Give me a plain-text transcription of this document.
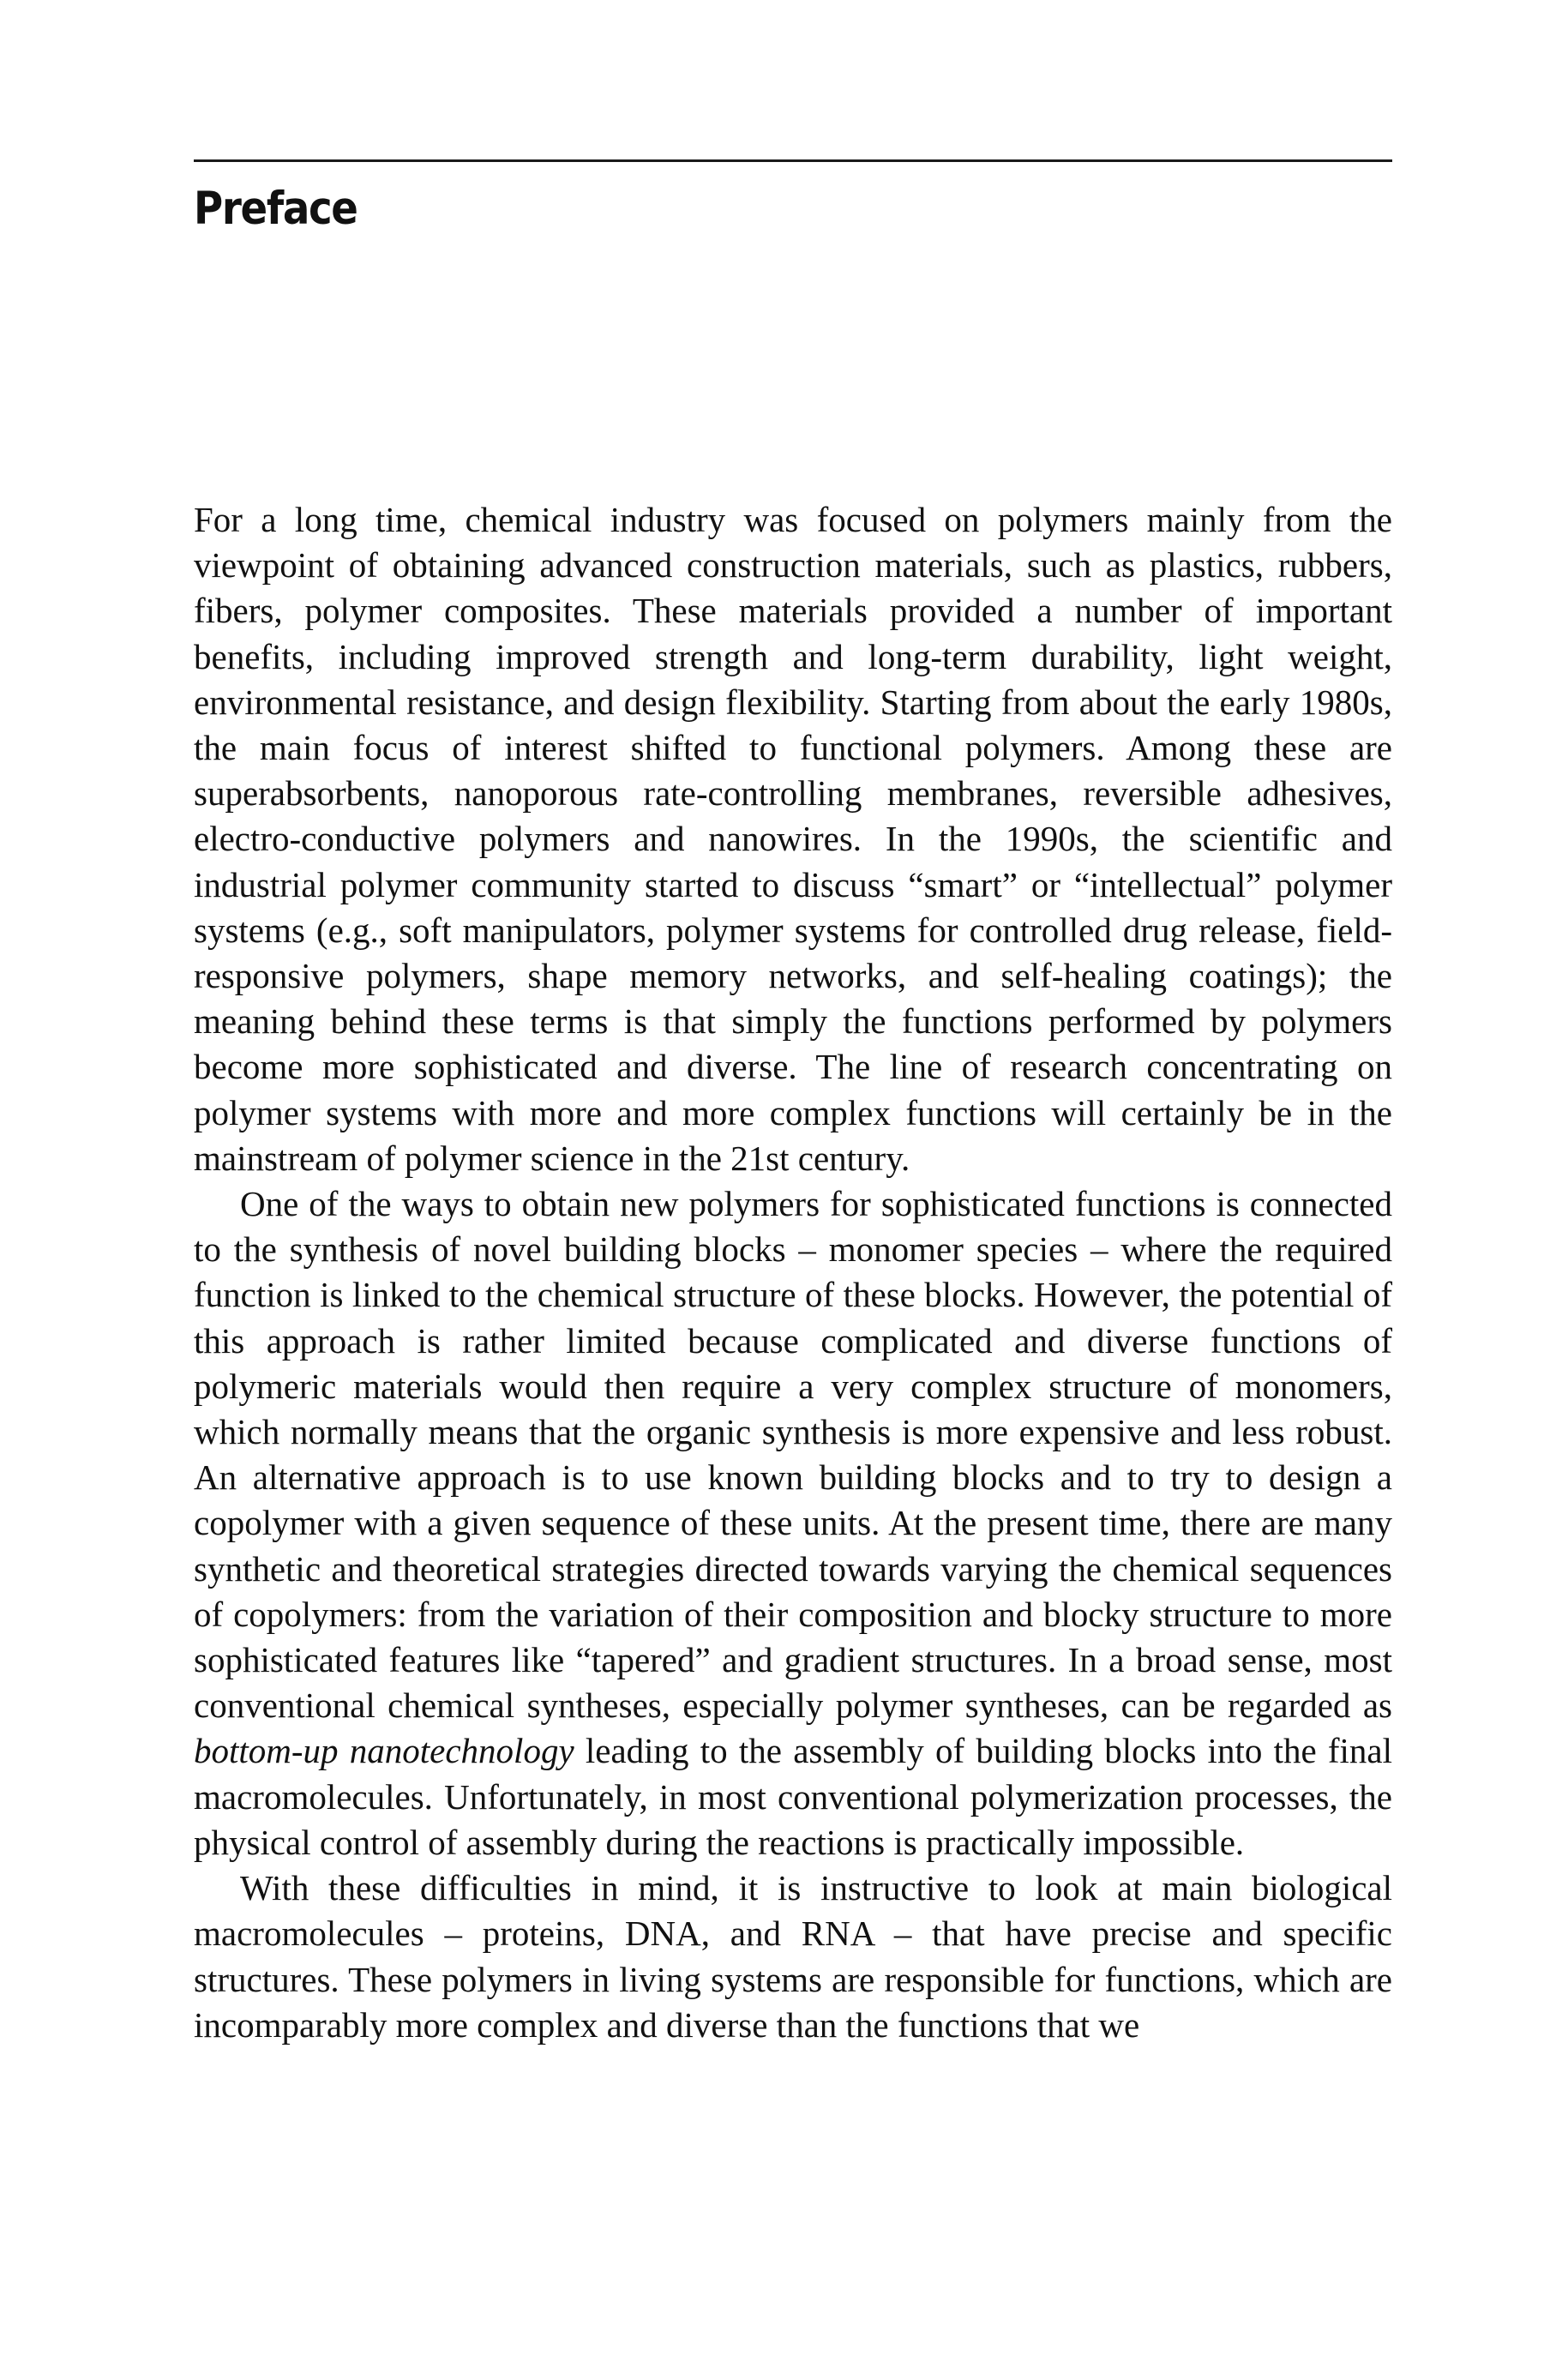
Preface

For a long time, chemical industry was focused on polymers mainly from the viewpoint of obtaining advanced construction materials, such as plastics, rubbers, fibers, polymer composites. These materials provided a number of important benefits, including improved strength and long-term durability, light weight, environmental resistance, and design flexibility. Starting from about the early 1980s, the main focus of interest shifted to functional polymers. Among these are superabsorbents, nanoporous rate-controlling membranes, reversible adhesives, electro-conductive polymers and nanowires. In the 1990s, the scientific and industrial polymer community started to discuss “smart” or “intellectual” polymer systems (e.g., soft manipulators, polymer systems for controlled drug release, field-responsive polymers, shape memory networks, and self-healing coatings); the meaning behind these terms is that simply the functions performed by polymers become more sophisticated and diverse. The line of research concentrating on polymer systems with more and more complex functions will certainly be in the mainstream of polymer science in the 21st century.

One of the ways to obtain new polymers for sophisticated functions is connected to the synthesis of novel building blocks – monomer species – where the required function is linked to the chemical structure of these blocks. However, the potential of this approach is rather limited because complicated and diverse functions of polymeric materials would then require a very complex structure of monomers, which normally means that the organic synthesis is more expensive and less robust. An alternative approach is to use known building blocks and to try to design a copolymer with a given sequence of these units. At the present time, there are many synthetic and theoretical strategies directed towards varying the chemical sequences of copolymers: from the variation of their composition and blocky structure to more sophisticated features like “tapered” and gradient structures. In a broad sense, most conventional chemical syntheses, especially polymer syntheses, can be regarded as bottom-up nanotechnology leading to the assembly of building blocks into the final macromolecules. Unfortunately, in most conventional polymerization processes, the physical control of assembly during the reactions is practically impossible.

With these difficulties in mind, it is instructive to look at main biological macromolecules – proteins, DNA, and RNA – that have precise and specific structures. These polymers in living systems are responsible for functions, which are incomparably more complex and diverse than the functions that we
